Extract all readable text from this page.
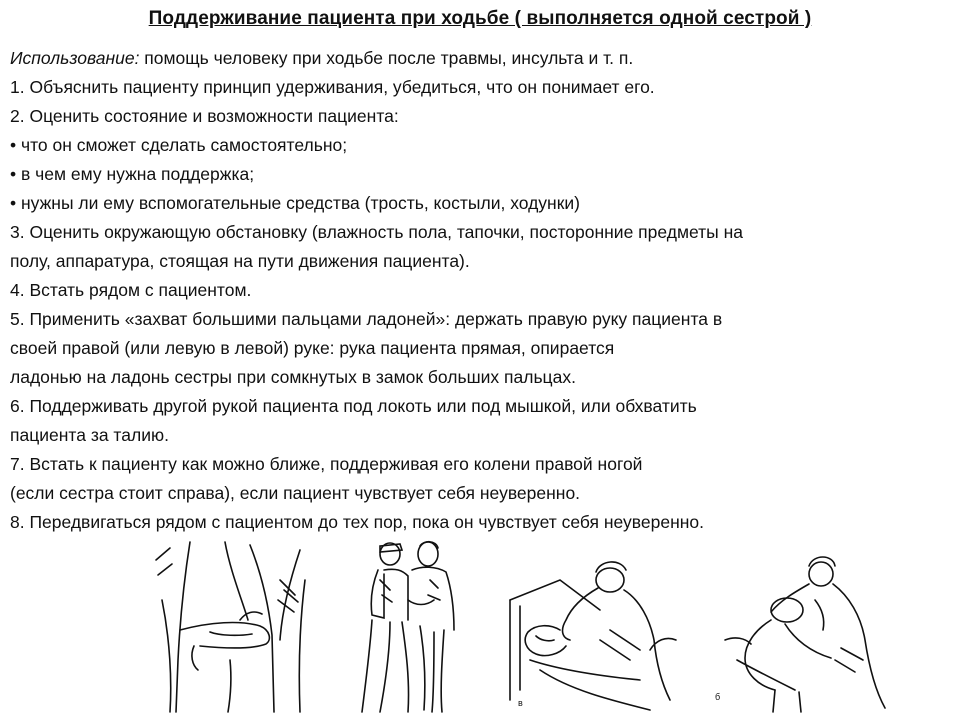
Поддерживание пациента при ходьбе ( выполняется одной сестрой )

Использование: помощь человеку при ходьбе после травмы, инсульта и т. п.

1. Объяснить пациенту принцип удерживания, убедиться, что он понимает его.

2. Оценить состояние и возможности пациента:

• что он сможет сделать самостоятельно;

• в чем ему нужна поддержка;

• нужны ли ему вспомогательные средства (трость, костыли, ходунки)

3. Оценить окружающую обстановку (влажность пола, тапочки, посторонние предметы на

полу, аппаратура, стоящая на пути движения пациента).

4. Встать рядом с пациентом.

5. Применить «захват большими пальцами ладоней»: держать правую руку пациента в

своей правой (или левую в левой) руке: рука пациента прямая, опирается

ладонью на ладонь сестры при сомкнутых в замок больших пальцах.

6. Поддерживать другой рукой пациента под локоть или под мышкой, или обхватить

пациента за талию.

7. Встать к пациенту как можно ближе, поддерживая его колени правой ногой

(если сестра стоит справа), если пациент чувствует себя неуверенно.

8. Передвигаться рядом с пациентом до тех пор, пока он чувствует себя неуверенно.

в
б
